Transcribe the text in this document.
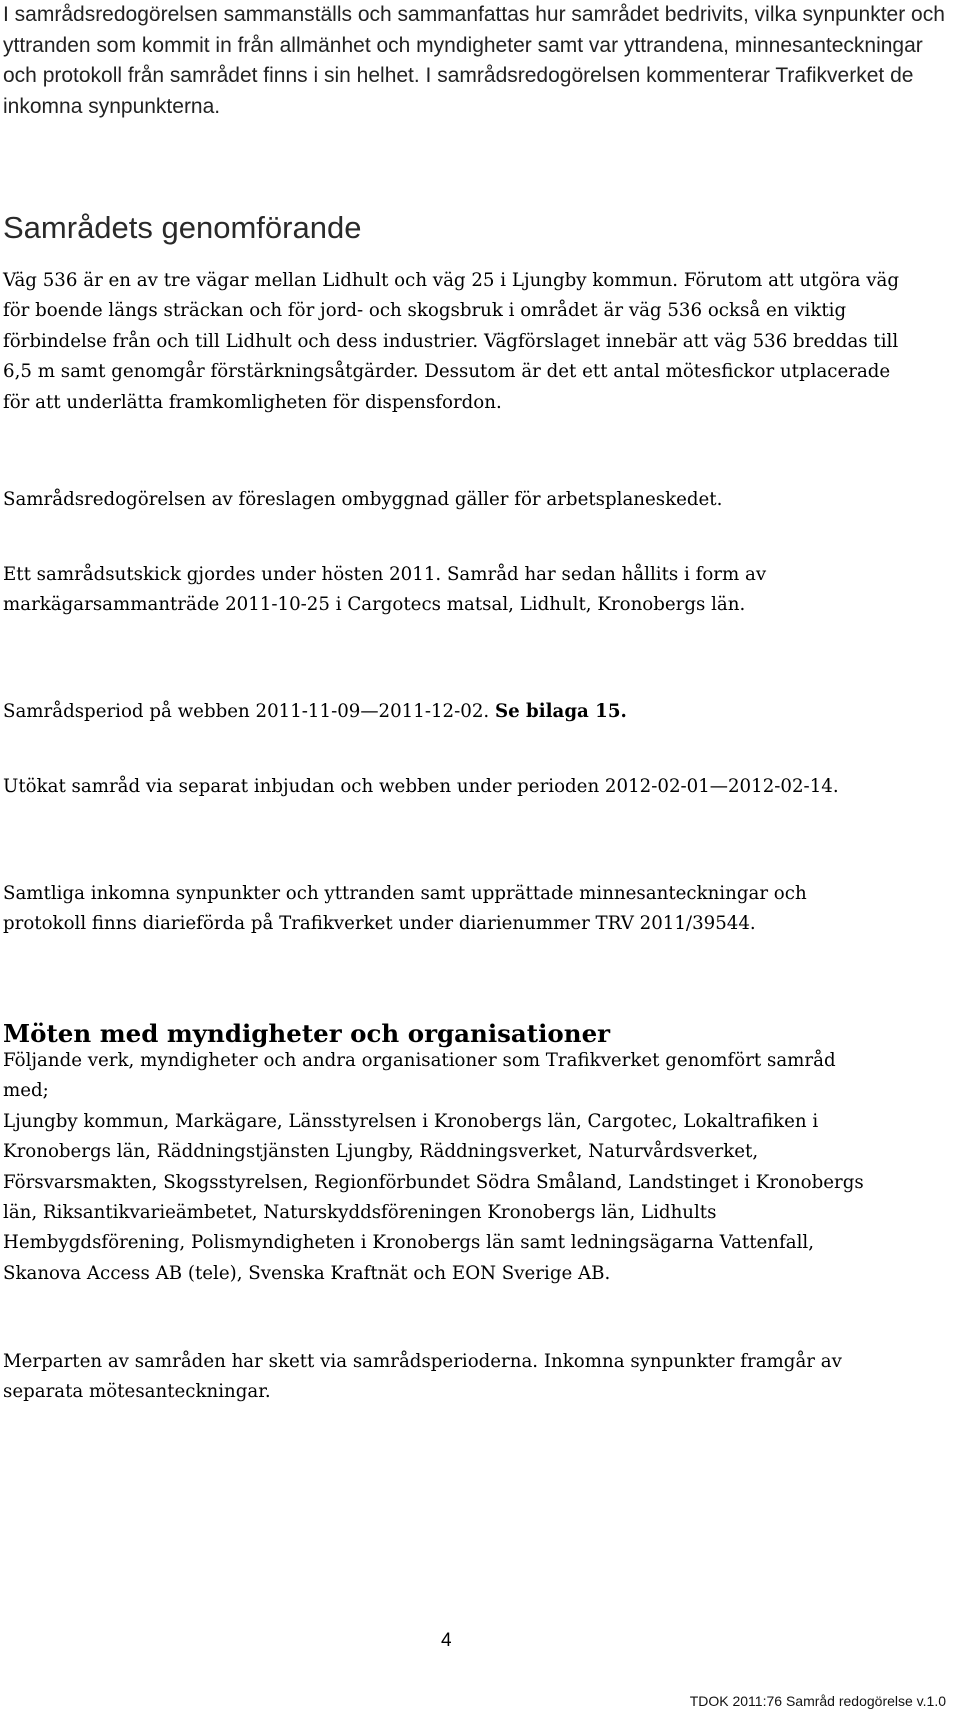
I samrådsredogörelsen sammanställs och sammanfattas hur samrådet bedrivits, vilka synpunkter och yttranden som kommit in från allmänhet och myndigheter samt var yttrandena, minnesanteckningar och protokoll från samrådet finns i sin helhet. I samrådsredogörelsen kommenterar Trafikverket de inkomna synpunkterna.

Samrådets genomförande

Väg 536 är en av tre vägar mellan Lidhult och väg 25 i Ljungby kommun. Förutom att utgöra väg för boende längs sträckan och för jord- och skogsbruk i området är väg 536 också en viktig förbindelse från och till Lidhult och dess industrier. Vägförslaget innebär att väg 536 breddas till 6,5 m samt genomgår förstärkningsåtgärder. Dessutom är det ett antal mötesfickor utplacerade för att underlätta framkomligheten för dispensfordon.

Samrådsredogörelsen av föreslagen ombyggnad gäller för arbetsplaneskedet.

Ett samrådsutskick gjordes under hösten 2011. Samråd har sedan hållits i form av markägarsammanträde 2011-10-25 i Cargotecs matsal, Lidhult, Kronobergs län.

Samrådsperiod på webben 2011-11-09—2011-12-02. Se bilaga 15.

Utökat samråd via separat inbjudan och webben under perioden 2012-02-01—2012-02-14.

Samtliga inkomna synpunkter och yttranden samt upprättade minnesanteckningar och protokoll finns diarieförda på Trafikverket under diarienummer TRV 2011/39544.

Möten med myndigheter och organisationer
Följande verk, myndigheter och andra organisationer som Trafikverket genomfört samråd med;
Ljungby kommun, Markägare, Länsstyrelsen i Kronobergs län, Cargotec, Lokaltrafiken i Kronobergs län, Räddningstjänsten Ljungby, Räddningsverket, Naturvårdsverket, Försvarsmakten, Skogsstyrelsen, Regionförbundet Södra Småland, Landstinget i Kronobergs län, Riksantikvarieämbetet, Naturskyddsföreningen Kronobergs län, Lidhults Hembygdsförening, Polismyndigheten i Kronobergs län samt ledningsägarna Vattenfall, Skanova Access AB (tele), Svenska Kraftnät och EON Sverige AB.

Merparten av samråden har skett via samrådsperioderna. Inkomna synpunkter framgår av separata mötesanteckningar.

4
TDOK 2011:76 Samråd redogörelse v.1.0
